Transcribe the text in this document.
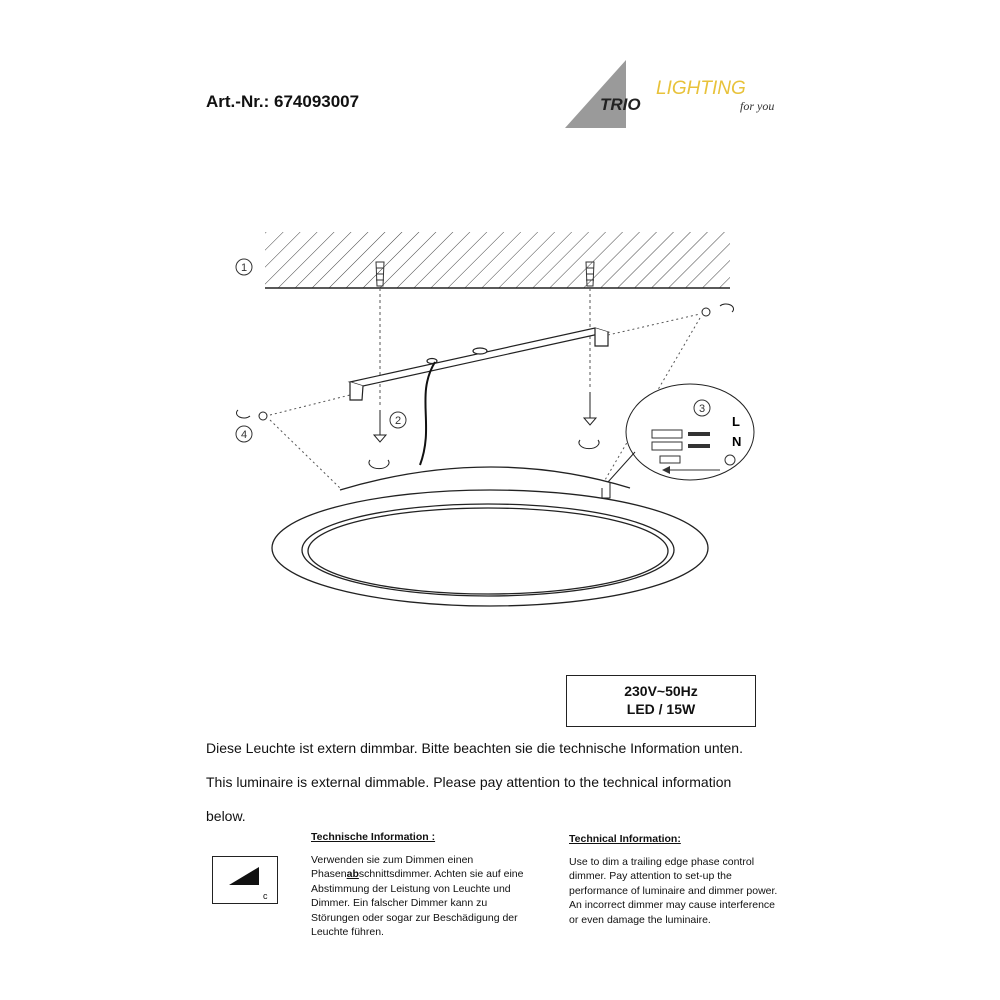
Art.-Nr.: 674093007	TRIO
LIGHTING
for you
1
2
4
3
L
N
230V~50Hz
LED / 15W

Diese Leuchte ist extern dimmbar. Bitte beachten sie die technische Information unten.

This luminaire is external dimmable. Please pay attention to the technical information

below.

c
Technische Information :

Verwenden sie zum Dimmen einen

Phasenabschnittsdimmer. Achten sie auf eine

Abstimmung der Leistung von Leuchte und

Dimmer. Ein falscher Dimmer kann zu

Störungen oder sogar zur Beschädigung der

Leuchte führen.

Technical Information:

Use to dim a trailing edge phase control

dimmer. Pay attention to set-up the

performance of luminaire and dimmer power.

An incorrect dimmer may cause interference

or even damage the luminaire.
